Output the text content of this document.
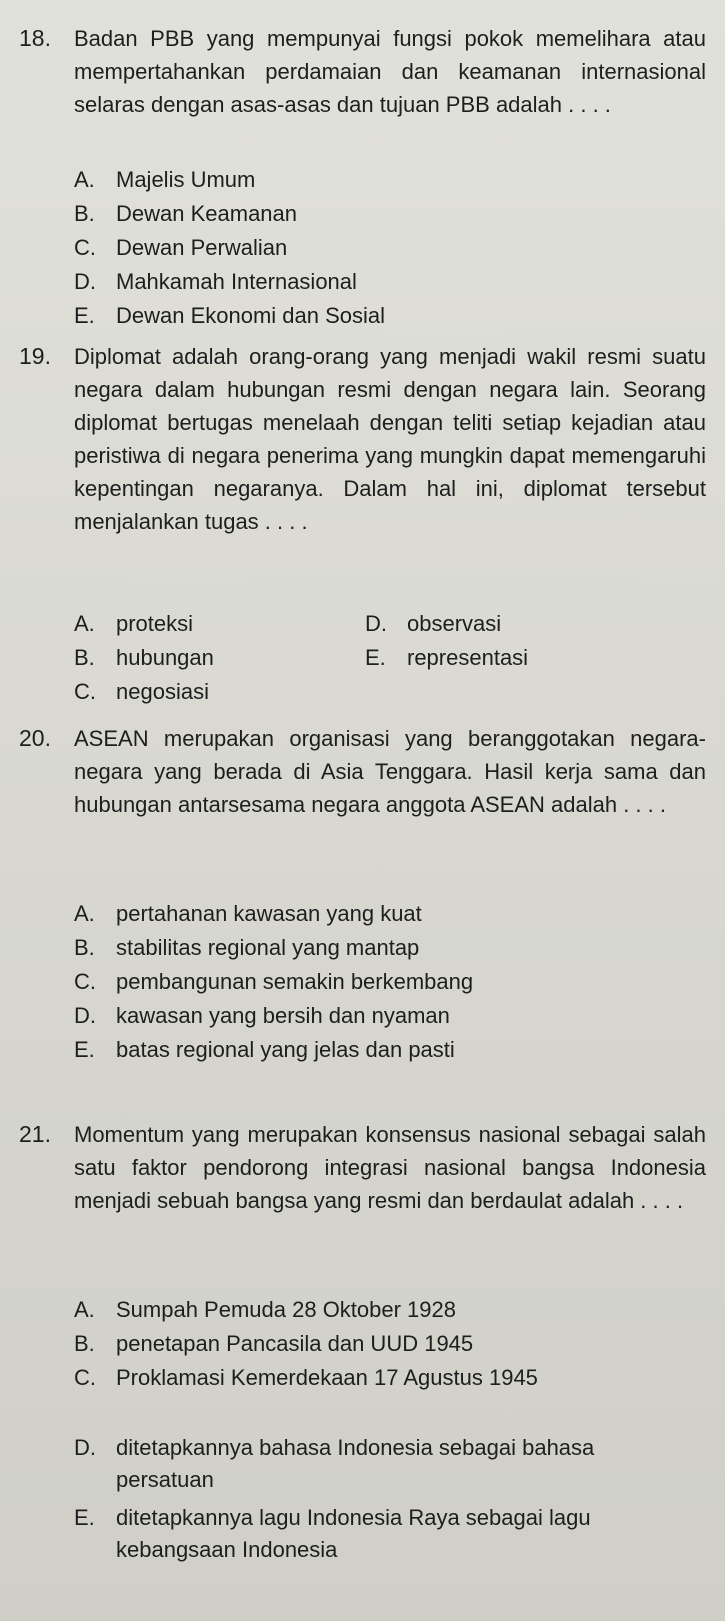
18. Badan PBB yang mempunyai fungsi pokok memelihara atau mempertahankan perdamaian dan keamanan internasional selaras dengan asas-asas dan tujuan PBB adalah . . . .
A. Majelis Umum
B. Dewan Keamanan
C. Dewan Perwalian
D. Mahkamah Internasional
E. Dewan Ekonomi dan Sosial
19. Diplomat adalah orang-orang yang menjadi wakil resmi suatu negara dalam hubungan resmi dengan negara lain. Seorang diplomat bertugas menelaah dengan teliti setiap kejadian atau peristiwa di negara penerima yang mungkin dapat memengaruhi kepentingan negaranya. Dalam hal ini, diplomat tersebut menjalankan tugas . . . .
A. proteksi
B. hubungan
C. negosiasi
D. observasi
E. representasi
20. ASEAN merupakan organisasi yang beranggotakan negara-negara yang berada di Asia Tenggara. Hasil kerja sama dan hubungan antarsesama negara anggota ASEAN adalah . . . .
A. pertahanan kawasan yang kuat
B. stabilitas regional yang mantap
C. pembangunan semakin berkembang
D. kawasan yang bersih dan nyaman
E. batas regional yang jelas dan pasti
21. Momentum yang merupakan konsensus nasional sebagai salah satu faktor pendorong integrasi nasional bangsa Indonesia menjadi sebuah bangsa yang resmi dan berdaulat adalah . . . .
A. Sumpah Pemuda 28 Oktober 1928
B. penetapan Pancasila dan UUD 1945
C. Proklamasi Kemerdekaan 17 Agustus 1945
D. ditetapkannya bahasa Indonesia sebagai bahasa persatuan
E. ditetapkannya lagu Indonesia Raya sebagai lagu kebangsaan Indonesia
